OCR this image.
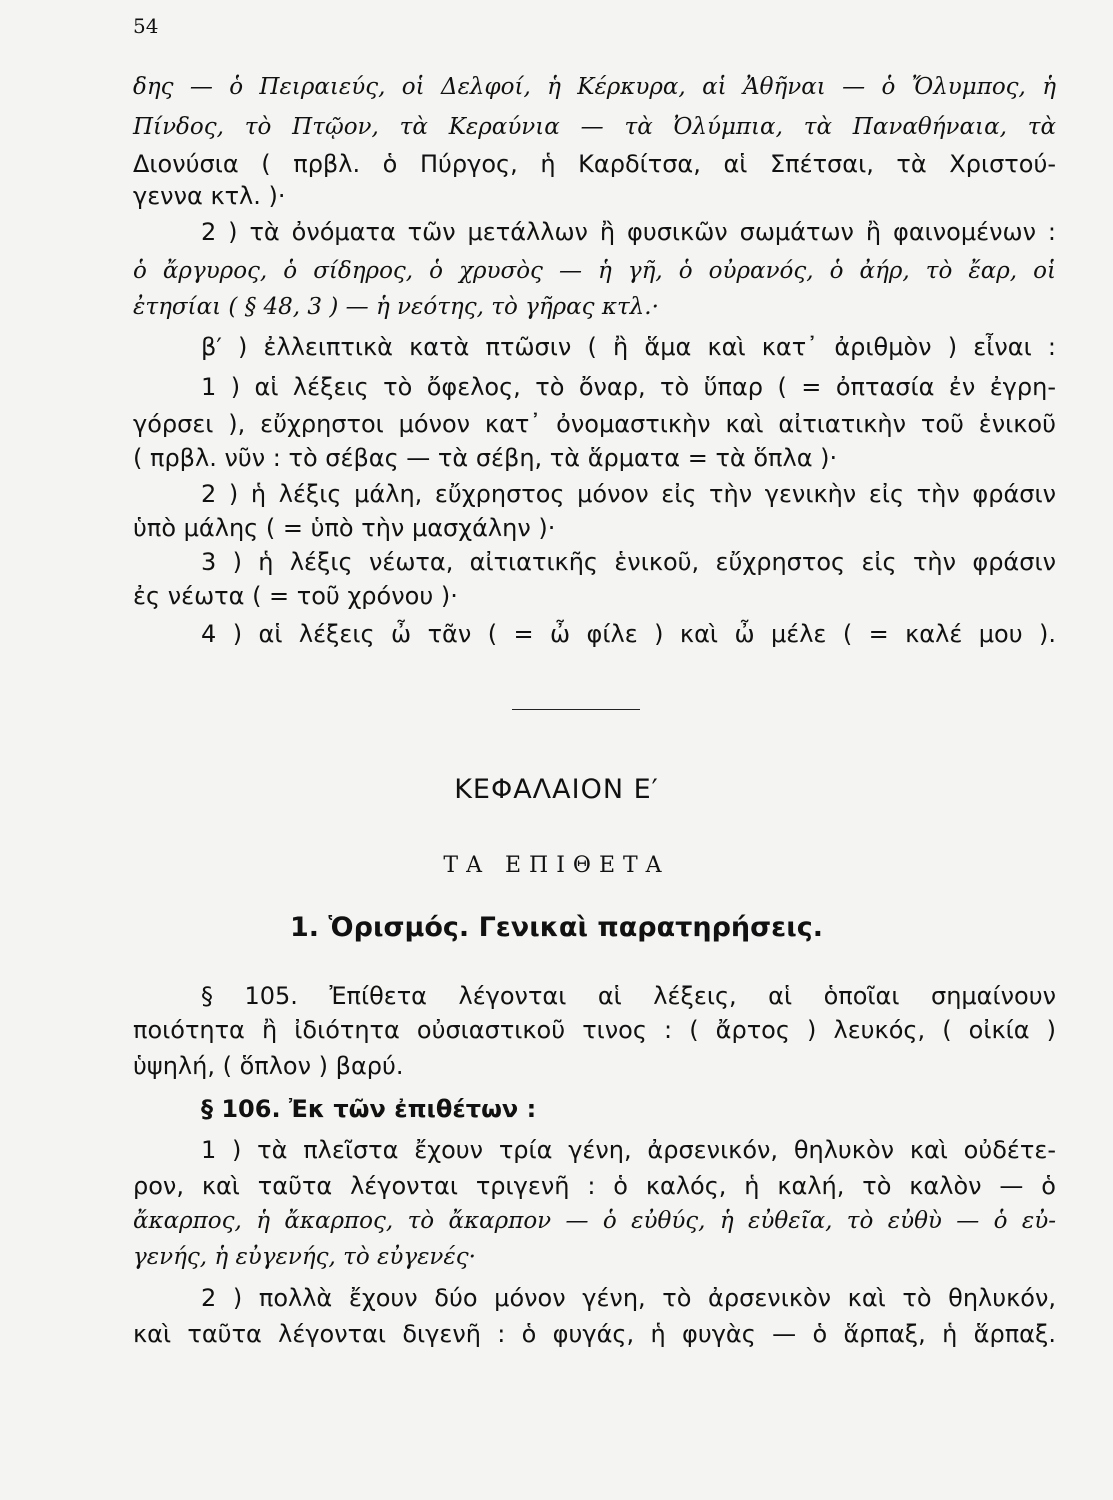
54
δης — ὁ Πειραιεύς, οἱ Δελφοί, ἡ Κέρκυρα, αἱ Ἀθῆναι — ὁ Ὄλυμπος, ἡ
Πίνδος, τὸ Πτῷον, τὰ Κεραύνια — τὰ Ὀλύμπια, τὰ Παναθήναια, τὰ
Διονύσια ( πρβλ. ὁ Πύργος, ἡ Καρδίτσα, αἱ Σπέτσαι, τὰ Χριστού-
γεννα κτλ. )·
2 ) τὰ ὀνόματα τῶν μετάλλων ἢ φυσικῶν σωμάτων ἢ φαινομένων :
ὁ ἄργυρος, ὁ σίδηρος, ὁ χρυσὸς — ἡ γῆ, ὁ οὐρανός, ὁ ἀήρ, τὸ ἔαρ, οἱ
ἐτησίαι ( § 48, 3 ) — ἡ νεότης, τὸ γῆρας κτλ.·
β′ ) ἐλλειπτικὰ κατὰ πτῶσιν ( ἢ ἅμα καὶ κατ᾽ ἀριθμὸν ) εἶναι :
1 ) αἱ λέξεις τὸ ὄφελος, τὸ ὄναρ, τὸ ὕπαρ ( = ὀπτασία ἐν ἐγρη-
γόρσει ), εὔχρηστοι μόνον κατ᾽ ὀνομαστικὴν καὶ αἰτιατικὴν τοῦ ἑνικοῦ
( πρβλ. νῦν : τὸ σέβας — τὰ σέβη, τὰ ἅρματα = τὰ ὅπλα )·
2 ) ἡ λέξις μάλη, εὔχρηστος μόνον εἰς τὴν γενικὴν εἰς τὴν φράσιν
ὑπὸ μάλης ( = ὑπὸ τὴν μασχάλην )·
3 ) ἡ λέξις νέωτα, αἰτιατικῆς ἑνικοῦ, εὔχρηστος εἰς τὴν φράσιν
ἐς νέωτα ( = τοῦ χρόνου )·
4 ) αἱ λέξεις ὦ τᾶν ( = ὦ φίλε ) καὶ ὦ μέλε ( = καλέ μου ).
ΚΕΦΑΛΑΙΟΝ Ε′
ΤΑ ΕΠΙΘΕΤΑ
1. Ὁρισμός. Γενικαὶ παρατηρήσεις.
§ 105. Ἐπίθετα λέγονται αἱ λέξεις, αἱ ὁποῖαι σημαίνουν
ποιότητα ἢ ἰδιότητα οὐσιαστικοῦ τινος : ( ἄρτος ) λευκός, ( οἰκία )
ὑψηλή, ( ὅπλον ) βαρύ.
§ 106. Ἐκ τῶν ἐπιθέτων :
1 ) τὰ πλεῖστα ἔχουν τρία γένη, ἀρσενικόν, θηλυκὸν καὶ οὐδέτε-
ρον, καὶ ταῦτα λέγονται τριγενῆ : ὁ καλός, ἡ καλή, τὸ καλὸν — ὁ
ἄκαρπος, ἡ ἄκαρπος, τὸ ἄκαρπον — ὁ εὐθύς, ἡ εὐθεῖα, τὸ εὐθὺ — ὁ εὐ-
γενής, ἡ εὐγενής, τὸ εὐγενές·
2 ) πολλὰ ἔχουν δύο μόνον γένη, τὸ ἀρσενικὸν καὶ τὸ θηλυκόν,
καὶ ταῦτα λέγονται διγενῆ : ὁ φυγάς, ἡ φυγὰς — ὁ ἅρπαξ, ἡ ἅρπαξ.
